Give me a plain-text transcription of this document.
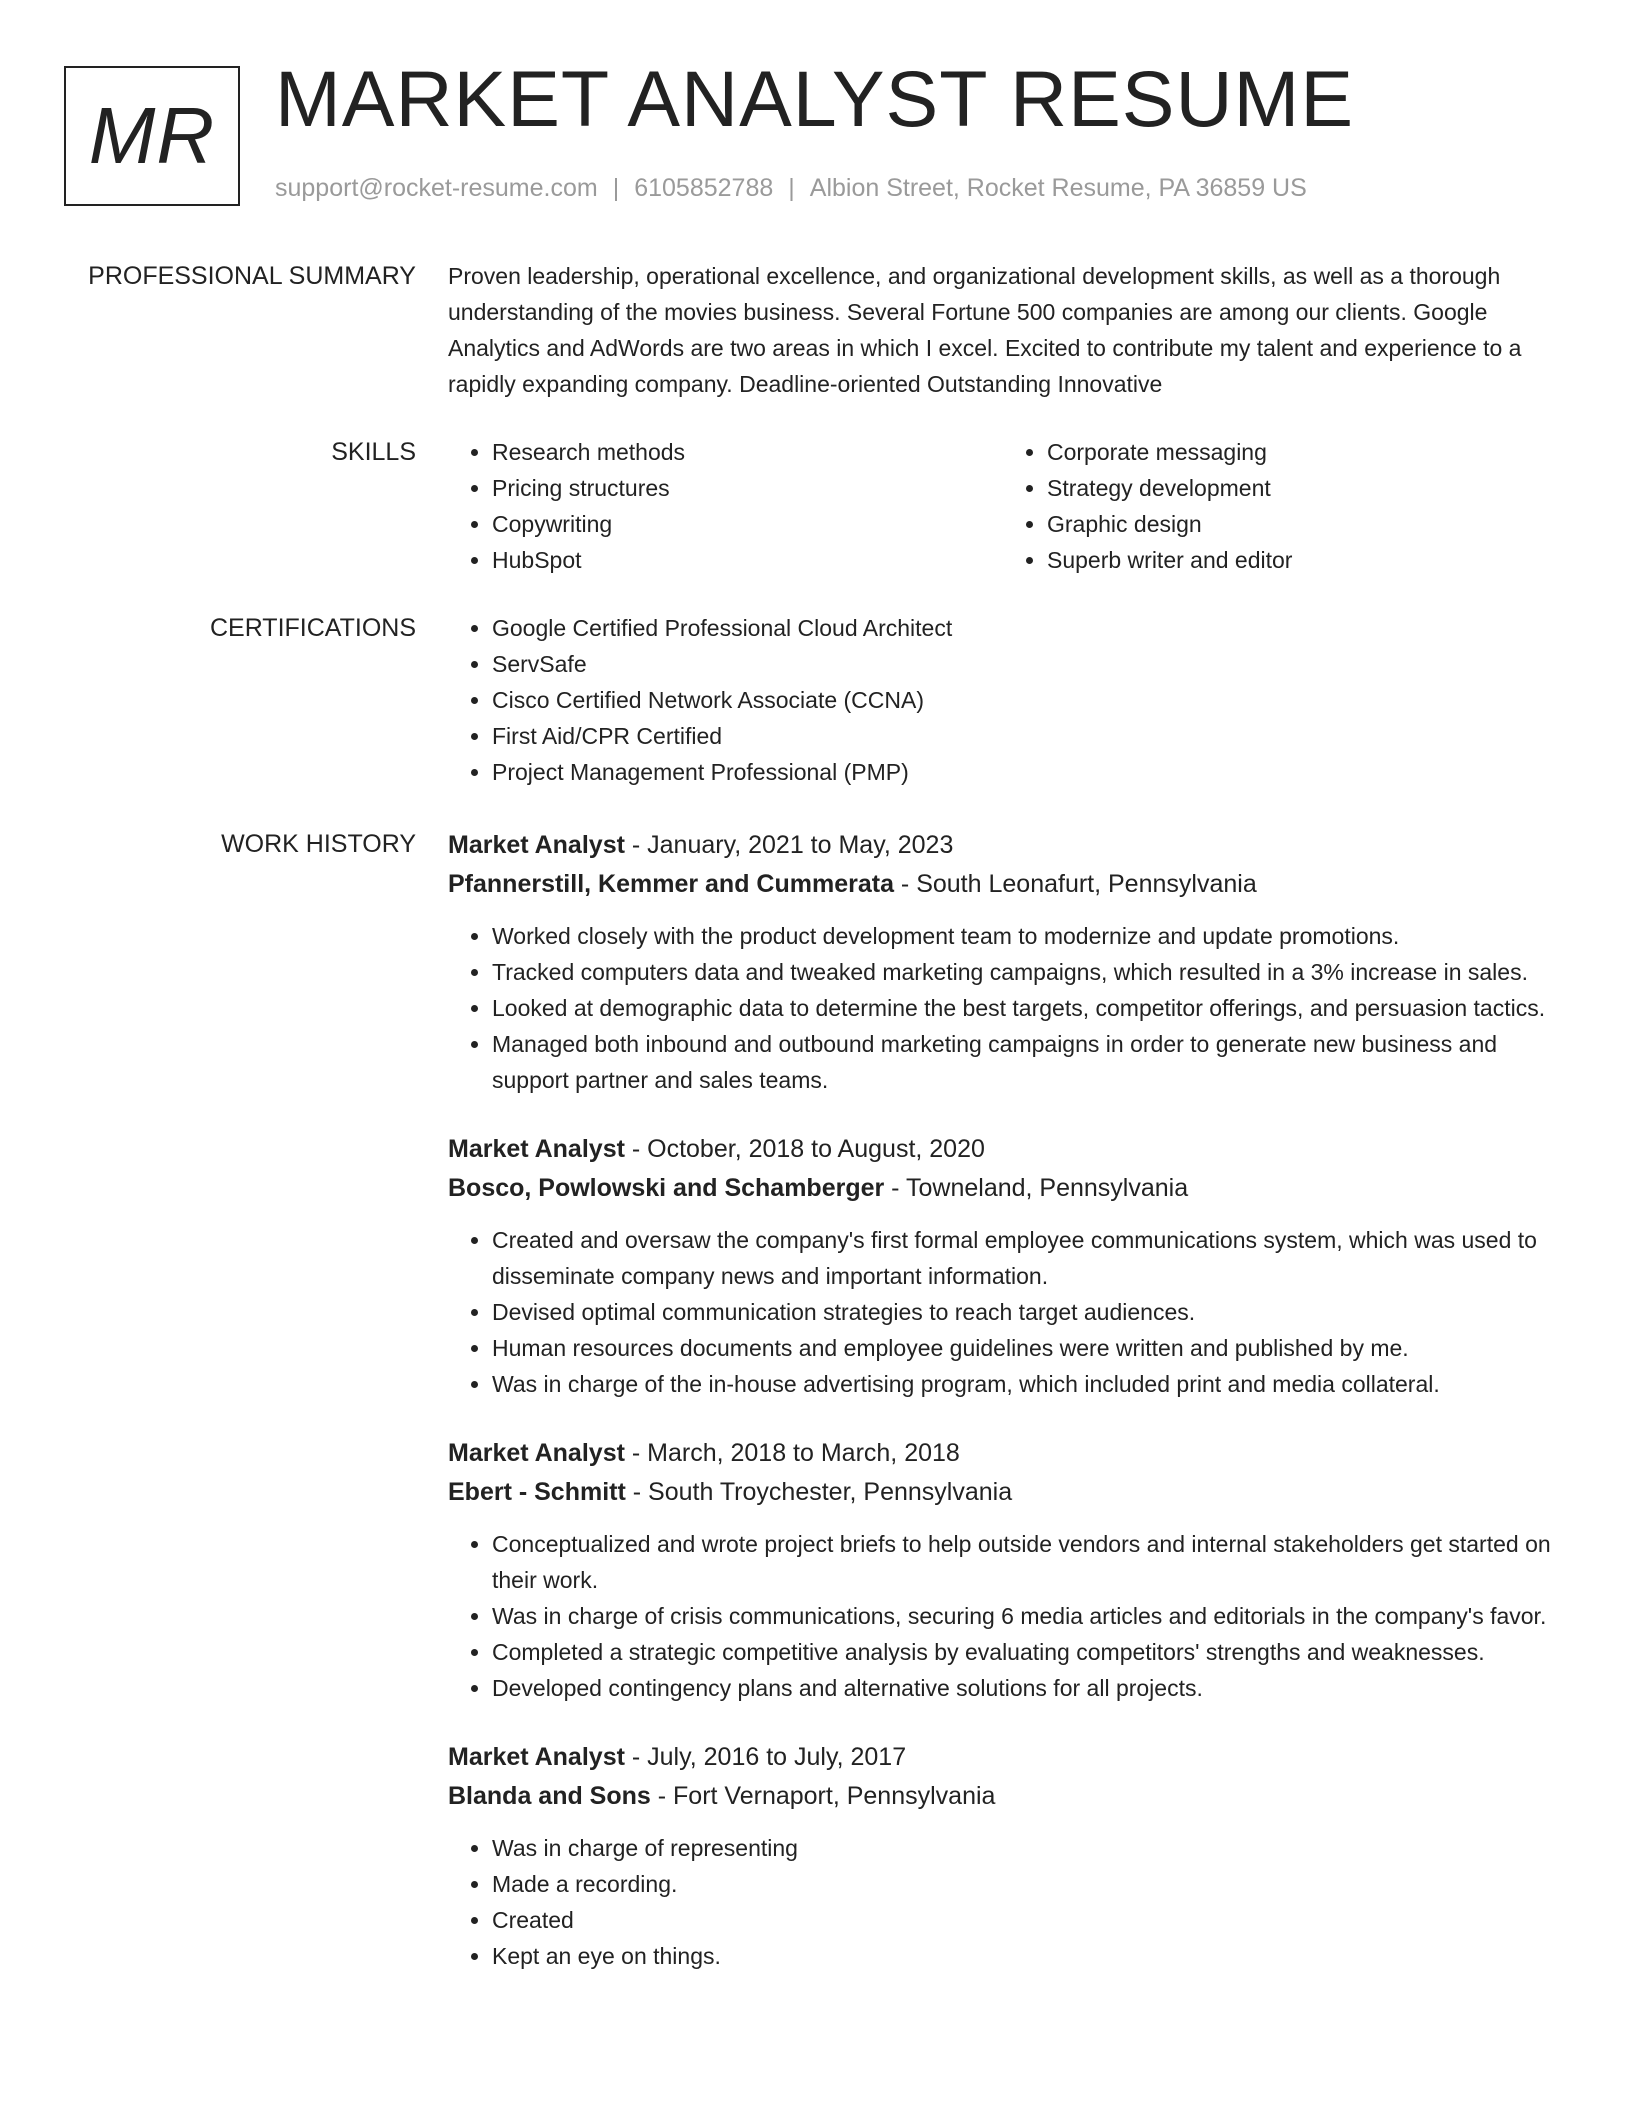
MR MARKET ANALYST RESUME
support@rocket-resume.com | 6105852788 | Albion Street, Rocket Resume, PA 36859 US
PROFESSIONAL SUMMARY Proven leadership, operational excellence, and organizational development skills, as well as a thorough understanding of the movies business. Several Fortune 500 companies are among our clients. Google Analytics and AdWords are two areas in which I excel. Excited to contribute my talent and experience to a rapidly expanding company. Deadline-oriented Outstanding Innovative

SKILLS	• Research methods
• Pricing structures
• Copywriting
• HubSpot
• Corporate messaging
• Strategy development
• Graphic design
• Superb writer and editor
CERTIFICATIONS	• Google Certified Professional Cloud Architect
• ServSafe
• Cisco Certified Network Associate (CCNA)
• First Aid/CPR Certified
• Project Management Professional (PMP)
WORK HISTORY Market Analyst - January, 2021 to May, 2023
Pfannerstill, Kemmer and Cummerata - South Leonafurt, Pennsylvania
• Worked closely with the product development team to modernize and update promotions.
• Tracked computers data and tweaked marketing campaigns, which resulted in a 3% increase in sales.
• Looked at demographic data to determine the best targets, competitor offerings, and persuasion tactics.
• Managed both inbound and outbound marketing campaigns in order to generate new business and support partner and sales teams.
Market Analyst - October, 2018 to August, 2020
Bosco, Powlowski and Schamberger - Towneland, Pennsylvania
• Created and oversaw the company's first formal employee communications system, which was used to disseminate company news and important information.
• Devised optimal communication strategies to reach target audiences.
• Human resources documents and employee guidelines were written and published by me.
• Was in charge of the in-house advertising program, which included print and media collateral.
Market Analyst - March, 2018 to March, 2018
Ebert - Schmitt - South Troychester, Pennsylvania
• Conceptualized and wrote project briefs to help outside vendors and internal stakeholders get started on their work.
• Was in charge of crisis communications, securing 6 media articles and editorials in the company's favor.
• Completed a strategic competitive analysis by evaluating competitors' strengths and weaknesses.
• Developed contingency plans and alternative solutions for all projects.
Market Analyst - July, 2016 to July, 2017
Blanda and Sons - Fort Vernaport, Pennsylvania
• Was in charge of representing
• Made a recording.
• Created
• Kept an eye on things.
